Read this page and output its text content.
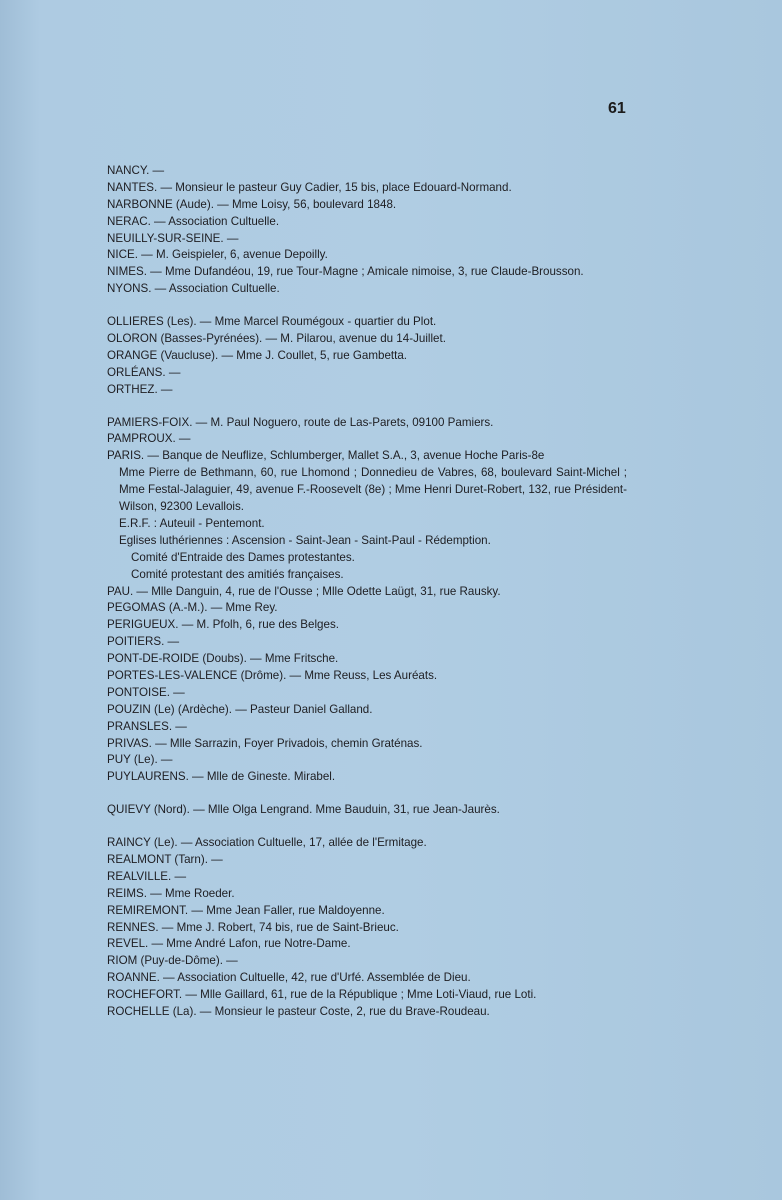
61
NANCY. —
NANTES. — Monsieur le pasteur Guy Cadier, 15 bis, place Edouard-Normand.
NARBONNE (Aude). — Mme Loisy, 56, boulevard 1848.
NERAC. — Association Cultuelle.
NEUILLY-SUR-SEINE. —
NICE. — M. Geispieler, 6, avenue Depoilly.
NIMES. — Mme Dufandéou, 19, rue Tour-Magne ; Amicale nimoise, 3, rue Claude-Brousson.
NYONS. — Association Cultuelle.
OLLIERES (Les). — Mme Marcel Roumégoux - quartier du Plot.
OLORON (Basses-Pyrénées). — M. Pilarou, avenue du 14-Juillet.
ORANGE (Vaucluse). — Mme J. Coullet, 5, rue Gambetta.
ORLÉANS. —
ORTHEZ. —
PAMIERS-FOIX. — M. Paul Noguero, route de Las-Parets, 09100 Pamiers.
PAMPROUX. —
PARIS. — Banque de Neuflize, Schlumberger, Mallet S.A., 3, avenue Hoche Paris-8e
Mme Pierre de Bethmann, 60, rue Lhomond ; Donnedieu de Vabres, 68, boulevard Saint-Michel ; Mme Festal-Jalaguier, 49, avenue F.-Roosevelt (8e) ; Mme Henri Duret-Robert, 132, rue Président-Wilson, 92300 Levallois.
E.R.F. : Auteuil - Pentemont.
Eglises luthériennes : Ascension - Saint-Jean - Saint-Paul - Rédemption.
Comité d'Entraide des Dames protestantes.
Comité protestant des amitiés françaises.
PAU. — Mlle Danguin, 4, rue de l'Ousse ; Mlle Odette Laügt, 31, rue Rausky.
PEGOMAS (A.-M.). — Mme Rey.
PERIGUEUX. — M. Pfolh, 6, rue des Belges.
POITIERS. —
PONT-DE-ROIDE (Doubs). — Mme Fritsche.
PORTES-LES-VALENCE (Drôme). — Mme Reuss, Les Auréats.
PONTOISE. —
POUZIN (Le) (Ardèche). — Pasteur Daniel Galland.
PRANSLES. —
PRIVAS. — Mlle Sarrazin, Foyer Privadois, chemin Graténas.
PUY (Le). —
PUYLAURENS. — Mlle de Gineste. Mirabel.
QUIEVY (Nord). — Mlle Olga Lengrand. Mme Bauduin, 31, rue Jean-Jaurès.
RAINCY (Le). — Association Cultuelle, 17, allée de l'Ermitage.
REALMONT (Tarn). —
REALVILLE. —
REIMS. — Mme Roeder.
REMIREMONT. — Mme Jean Faller, rue Maldoyenne.
RENNES. — Mme J. Robert, 74 bis, rue de Saint-Brieuc.
REVEL. — Mme André Lafon, rue Notre-Dame.
RIOM (Puy-de-Dôme). —
ROANNE. — Association Cultuelle, 42, rue d'Urfé. Assemblée de Dieu.
ROCHEFORT. — Mlle Gaillard, 61, rue de la République ; Mme Loti-Viaud, rue Loti.
ROCHELLE (La). — Monsieur le pasteur Coste, 2, rue du Brave-Roudeau.
